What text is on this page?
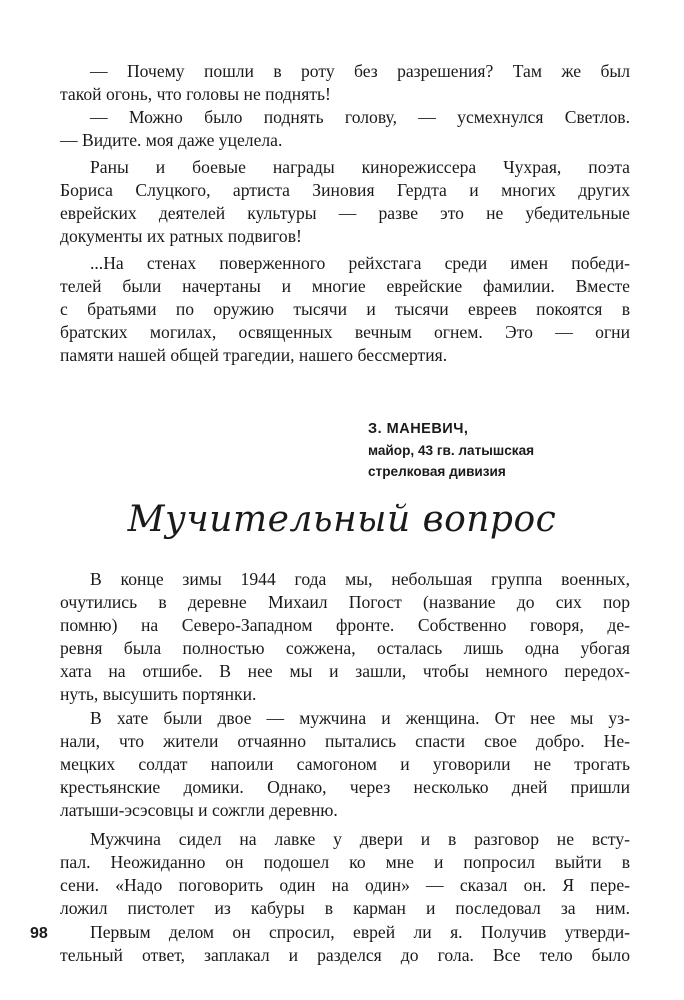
— Почему пошли в роту без разрешения? Там же был
такой огонь, что головы не поднять!
— Можно было поднять голову, — усмехнулся Светлов.
— Видите. моя даже уцелела.
Раны и боевые награды кинорежиссера Чухрая, поэта
Бориса Слуцкого, артиста Зиновия Гердта и многих других
еврейских деятелей культуры — разве это не убедительные
документы их ратных подвигов!
...На стенах поверженного рейхстага среди имен победи-
телей были начертаны и многие еврейские фамилии. Вместе
с братьями по оружию тысячи и тысячи евреев покоятся в
братских могилах, освященных вечным огнем. Это — огни
памяти нашей общей трагедии, нашего бессмертия.
З. МАНЕВИЧ,
майор, 43 гв. латышская
стрелковая дивизия
Мучительный вопрос
В конце зимы 1944 года мы, небольшая группа военных,
очутились в деревне Михаил Погост (название до сих пор
помню) на Северо-Западном фронте. Собственно говоря, де-
ревня была полностью сожжена, осталась лишь одна убогая
хата на отшибе. В нее мы и зашли, чтобы немного передох-
нуть, высушить портянки.
В хате были двое — мужчина и женщина. От нее мы уз-
нали, что жители отчаянно пытались спасти свое добро. Не-
мецких солдат напоили самогоном и уговорили не трогать
крестьянские домики. Однако, через несколько дней пришли
латыши-эсэсовцы и сожгли деревню.
Мужчина сидел на лавке у двери и в разговор не всту-
пал. Неожиданно он подошел ко мне и попросил выйти в
сени. «Надо поговорить один на один» — сказал он. Я пере-
ложил пистолет из кабуры в карман и последовал за ним.
Первым делом он спросил, еврей ли я. Получив утверди-
тельный ответ, заплакал и разделся до гола. Все тело было
98
